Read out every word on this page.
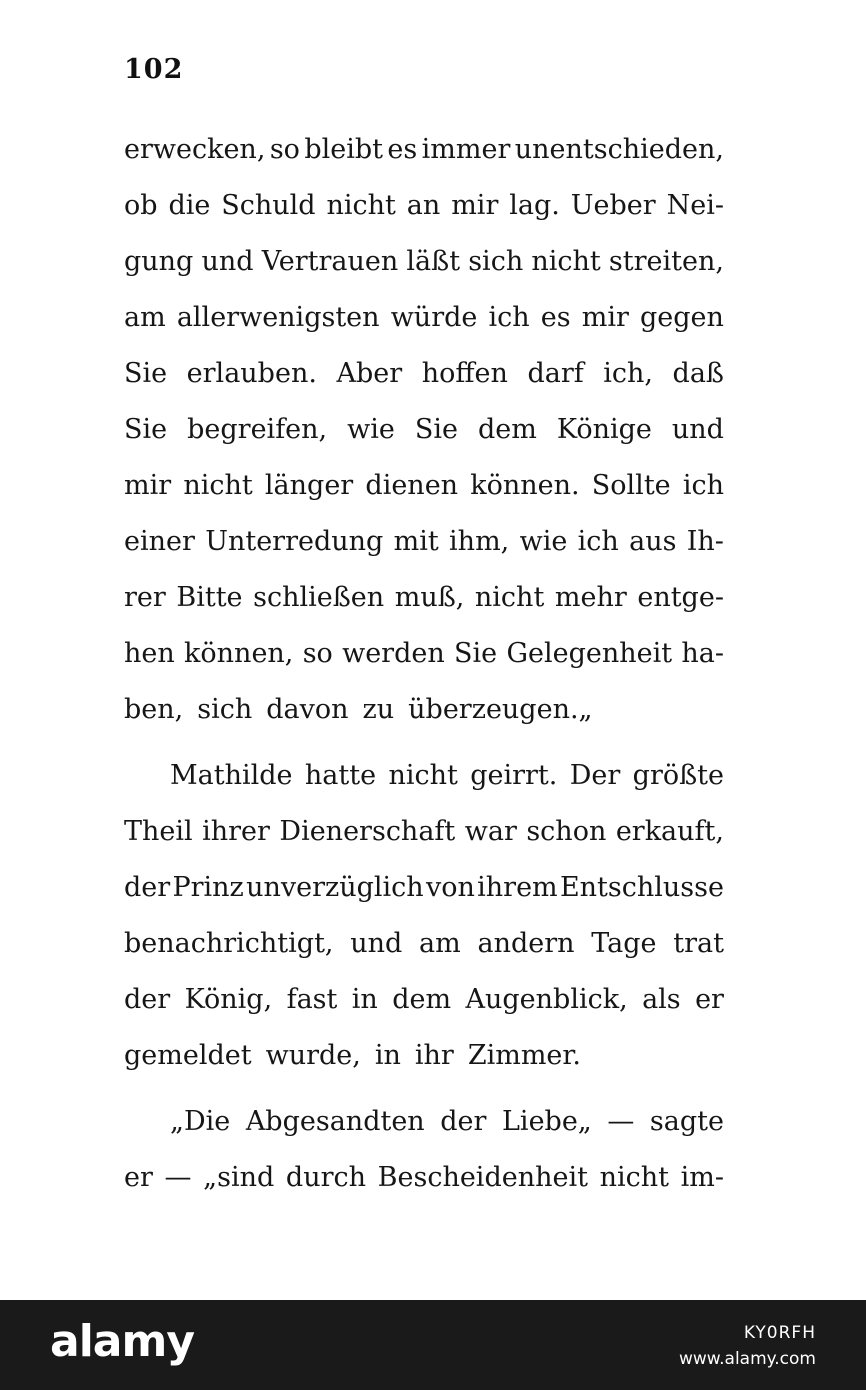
102
erwecken, so bleibt es immer unentschieden,
ob die Schuld nicht an mir lag. Ueber Nei-
gung und Vertrauen läßt sich nicht streiten,
am allerwenigsten würde ich es mir gegen
Sie erlauben. Aber hoffen darf ich, daß
Sie begreifen, wie Sie dem Könige und
mir nicht länger dienen können. Sollte ich
einer Unterredung mit ihm, wie ich aus Ih-
rer Bitte schließen muß, nicht mehr entge-
hen können, so werden Sie Gelegenheit ha-
ben, sich davon zu überzeugen.„
Mathilde hatte nicht geirrt. Der größte
Theil ihrer Dienerschaft war schon erkauft,
der Prinz unverzüglich von ihrem Entschlusse
benachrichtigt, und am andern Tage trat
der König, fast in dem Augenblick, als er
gemeldet wurde, in ihr Zimmer.
„Die Abgesandten der Liebe„ — sagte
er — „sind durch Bescheidenheit nicht im-
alamy	KY0RFH
www.alamy.com
